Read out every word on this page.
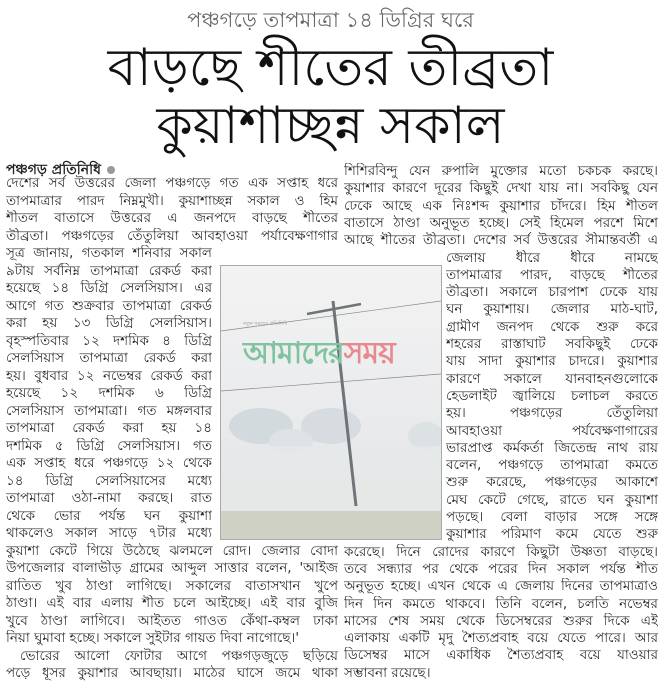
পঞ্চগড়ে তাপমাত্রা ১৪ ডিগ্রির ঘরে
বাড়ছে শীতের তীব্রতা
কুয়াশাচ্ছন্ন সকাল
পঞ্চগড় প্রতিনিধি
দেশের সর্ব উত্তরের জেলা পঞ্চগড়ে গত এক সপ্তাহ ধরে
তাপমাত্রার পারদ নিম্নমুখী। কুয়াশাচ্ছন্ন সকাল ও হিম
শীতল বাতাসে উত্তরের এ জনপদে বাড়ছে শীতের
তীব্রতা। পঞ্চগড়ের তেঁতুলিয়া আবহাওয়া পর্যাবেক্ষণাগার
সূত্র জানায়, গতকাল শনিবার সকাল
৯টায় সর্বনিম্ন তাপমাত্রা রেকর্ড করা
হয়েছে ১৪ ডিগ্রি সেলসিয়াস। এর
আগে গত শুক্রবার তাপমাত্রা রেকর্ড
করা হয় ১৩ ডিগ্রি সেলসিয়াস।
বৃহস্পতিবার ১২ দশমিক ৪ ডিগ্রি
সেলসিয়াস তাপমাত্রা রেকর্ড করা
হয়। বুধবার ১২ নভেম্বর রেকর্ড করা
হয়েছে ১২ দশমিক ৬ ডিগ্রি
সেলসিয়াস তাপমাত্রা। গত মঙ্গলবার
তাপমাত্রা রেকর্ড করা হয় ১৪
দশমিক ৫ ডিগ্রি সেলসিয়াস। গত
এক সপ্তাহ ধরে পঞ্চগড়ে ১২ থেকে
১৪ ডিগ্রি সেলসিয়াসের মধ্যে
তাপমাত্রা ওঠা-নামা করছে। রাত
থেকে ভোর পর্যন্ত ঘন কুয়াশা
থাকলেও সকাল সাড়ে ৭টার মধ্যে
কুয়াশা কেটে গিয়ে উঠেছে ঝলমলে রোদ। জেলার বোদা
উপজেলার বালাভীড় গ্রামের আব্দুল সাত্তার বলেন, 'আইজ
রাতিত খুব ঠাণ্ডা লাগিছে। সকালের বাতাসখান খুপে
ঠাণ্ডা। এই বার এলায় শীত চলে আইচ্ছে। এই বার বুজি
খুবে ঠাণ্ডা লাগিবে। আইতত গাওত কেঁথা-কম্বল ঢাকা
নিয়া ঘুমাবা হচ্ছে। সকালে সুইটার গায়ত দিবা নাগোছে।'
ভোরের আলো ফোটার আগে পঞ্চগড়জুড়ে ছড়িয়ে
পড়ে ধূসর কুয়াশার আবছায়া। মাঠের ঘাসে জমে থাকা
শিশিরবিন্দু যেন রুপালি মুক্তোর মতো চকচক করছে।
কুয়াশার কারণে দূরের কিছুই দেখা যায় না। সবকিছু যেন
ঢেকে আছে এক নিঃশব্দ কুয়াশার চাঁদরে। হিম শীতল
বাতাসে ঠাণ্ডা অনুভূত হচ্ছে। সেই হিমেল পরশে মিশে
আছে শীতের তীব্রতা। দেশের সর্ব উত্তরের সীমান্তবর্তী এ
জেলায় ধীরে ধীরে নামছে
তাপমাত্রার পারদ, বাড়ছে শীতের
তীব্রতা। সকালে চারপাশ ঢেকে যায়
ঘন কুয়াশায়। জেলার মাঠ-ঘাট,
গ্রামীণ জনপদ থেকে শুরু করে
শহরের রাস্তাঘাট সবকিছুই ঢেকে
যায় সাদা কুয়াশার চাদরে। কুয়াশার
কারণে সকালে যানবাহনগুলোকে
হেডলাইট জ্বালিয়ে চলাচল করতে
হয়। পঞ্চগড়ের তেঁতুলিয়া
আবহাওয়া পর্যবেক্ষণাগারের
ভারপ্রাপ্ত কর্মকর্তা জিতেন্দ্র নাথ রায়
বলেন, পঞ্চগড়ে তাপমাত্রা কমতে
শুরু করেছে, পঞ্চগড়ের আকাশে
মেঘ কেটে গেছে, রাতে ঘন কুয়াশা
পড়ছে। বেলা বাড়ার সঙ্গে সঙ্গে
কুয়াশার পরিমাণ কমে যেতে শুরু
করেছে। দিনে রোদের কারণে কিছুটা উষ্ণতা বাড়ছে।
তবে সন্ধ্যার পর থেকে পরের দিন সকাল পর্যন্ত শীত
অনুভূত হচ্ছে। এখন থেকে এ জেলায় দিনের তাপমাত্রাও
দিন দিন কমতে থাকবে। তিনি বলেন, চলতি নভেম্বর
মাসের শেষ সময় থেকে ডিসেম্বরের শুরুর দিকে এই
এলাকায় একটি মৃদু শৈত্যপ্রবাহ বয়ে যেতে পারে। আর
ডিসেম্বর মাসে একাধিক শৈত্যপ্রবাহ বয়ে যাওয়ার
সম্ভাবনা রয়েছে।
নতুন সময়ের প্রতিনিধি
আমাদেরসময়
